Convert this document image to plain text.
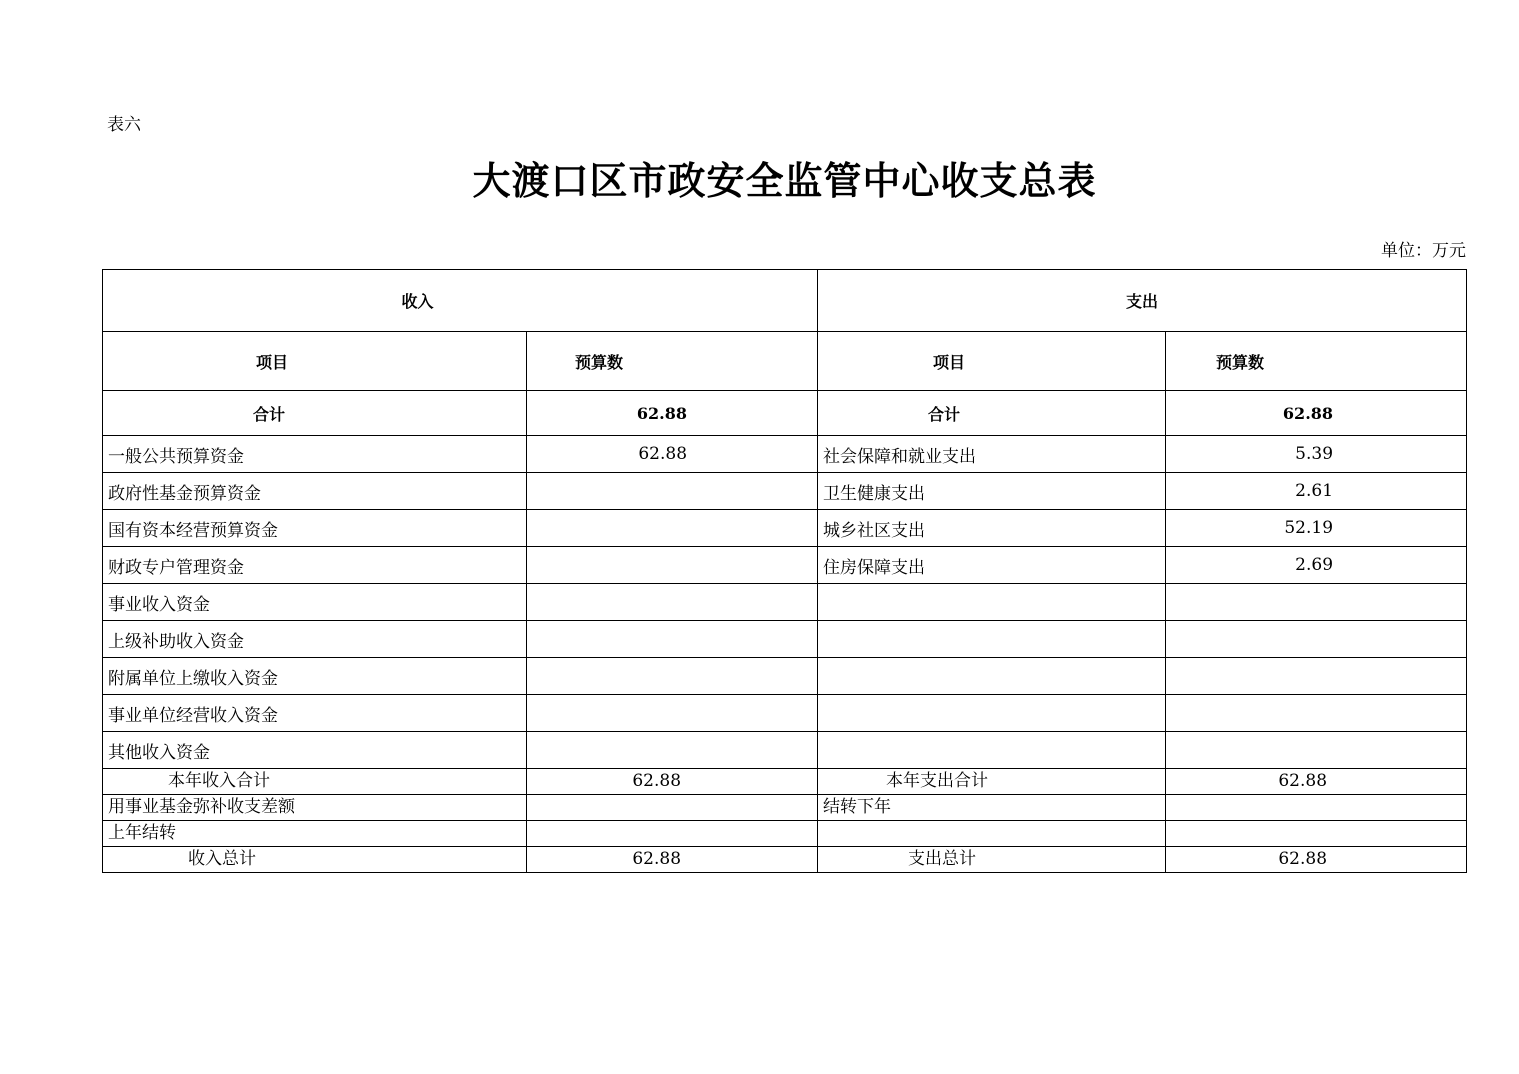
表六
大渡口区市政安全监管中心收支总表
单位：万元
收入		支出	
项目	预算数	项目	预算数
合计	62.88	合计	62.88
一般公共预算资金	62.88	社会保障和就业支出	5.39
政府性基金预算资金		卫生健康支出	2.61
国有资本经营预算资金		城乡社区支出	52.19
财政专户管理资金		住房保障支出	2.69
事业收入资金			
上级补助收入资金			
附属单位上缴收入资金			
事业单位经营收入资金			
其他收入资金			
本年收入合计	62.88	本年支出合计	62.88
用事业基金弥补收支差额		结转下年	
上年结转			
收入总计	62.88	支出总计	62.88
